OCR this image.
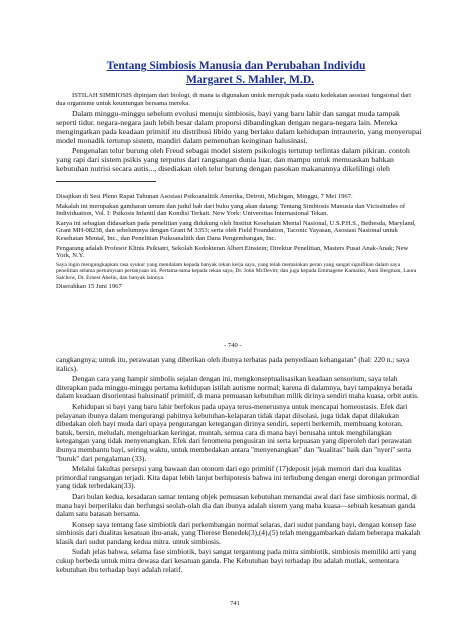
Tentang Simbiosis Manusia dan Perubahan Individu
Margaret S. Mahler, M.D.

ISTILAH SIMBIOSIS dipinjam dari biologi, di mana ia digunakan untuk merujuk pada suatu kedekatan asosiasi fungsional dari dua organisme untuk keuntungan bersama mereka.

Dalam minggu-minggu sebelum evolusi menuju simbiosis, bayi yang baru lahir dan sangat muda tampak seperti tidur. negara-negara jauh lebih besar dalam proporsi dibandingkan dengan negara-negara lain. Mereka mengingatkan pada keadaan primitif itu distribusi libido yang berlaku dalam kehidupan intrauterin, yang menyerupai model monadik tertutup sistem, mandiri dalam pemenuhan keinginan halusinasi.

Pengenalan telur burung oleh Freud sebagai model sistem psikologis tertutup terlintas dalam pikiran. contoh yang rapi dari sistem psikis yang terputus dari rangsangan dunia luar, dan mampu untuk memuaskan bahkan kebutuhan nutrisi secara autis..., disediakan oleh telur burung dengan pasokan makanannya dikelilingi oleh

Disajikan di Sesi Pleno Rapat Tahunan Asosiasi Psikoanalitik Amerika, Detroit, Michigan, Minggu, 7 Mei 1967.

Makalah ini merupakan gambaran umum dan judul bab dari buku yang akan datang: Tentang Simbiosis Manusia dan Vicissitudes of Individuation, Vol. I: Psikosis Infantil dan Kondisi Terkait. New York: Universitas Internasional Tekan.

Karya ini sebagian didasarkan pada penelitian yang didukung oleh Institut Kesehatan Mental Nasional, U.S.P.H.S., Bethesda, Maryland, Grant MH-08238, dan sebelumnya dengan Grant M 3353; serta oleh Field Foundation, Taconic Yayasan, Asosiasi Nasional untuk Kesehatan Mental, Inc., dan Penelitian Psikoanalitik dan Dana Pengembangan, Inc.

Pengarang adalah Profesor Klinis Psikiatri, Sekolah Kedokteran Albert Einstein; Direktur Penelitian, Masters Pusat Anak-Anak; New York, N.Y.

Saya ingin mengungkapkan rasa syukur yang mendalam kepada banyak rekan kerja saya, yang telah memainkan peran yang sangat signifikan dalam saya penelitian selama pertumyuan pertanyaan ini. Pertama-tama kepada rekan saya, Dr. John McDevitt; dan juga kepada Emmagene Kamaiko, Anni Bergman, Laura Salchow, Dr. Ernest Abelin, dan banyak lainnya.

Diserahkan 15 Juni 1967

- 740 -

cangkangnya; untuk itu, perawatan yang diberikan oleh ibunya terbatas pada penyediaan kehangatan" (hal: 220 n.; saya italics).

Dengan cara yang hampir simbolis sejalan dengan ini, mengkonseptualisasikan keadaan sensorium, saya telah diterapkan pada minggu-minggu pertama kehidupan istilah autisme normal; karena di dalamnya, bayi tampaknya berada dalam keadaan disorientasi halusinatif primitif, di mana pemuasan kebutuhan milik dirinya sendiri maha kuasa, orbit autis.

Kehidupan si bayi yang baru lahir berfokus pada upaya terus-menerusnya untuk mencapai homeostasis. Efek dari pelayanan ibunya dalam mengurangi pahitnya kebutuhan-kelaparan tidak dapat diisolasi, juga tidak dapat dilakukan dibedakan oleh bayi muda dari upaya pengurangan ketegangan dirinya sendiri, seperti berkemih, membuang kotoran, batuk, bersin, meludah, mengeluarkan keringat, muntah, semua cara di mana bayi berusaha untuk menghilangkan ketegangan yang tidak menyenangkan. Efek dari fenomena pengusiran ini serta kepuasan yang diperoleh dari perawatan ibunya membantu bayi, seiring waktu, untuk membedakan antara "menyenangkan" dan "kualitas" baik dan "nyeri" serta "buruk" dari pengalaman (33).

Melalui fakultas persepsi yang bawaan dan otonom dari ego primitif (17)deposit jejak memori dari dua kualitas primordial rangsangan terjadi. Kita dapat lebih lanjut berhipotesis bahwa ini terhubung dengan energi dorongan primordial yang tidak terbedakan(33).

Dari bulan kedua, kesadaran samar tentang objek pemuasan kebutuhan menandai awal dari fase simbiosis normal, di mana bayi berperilaku dan berfungsi seolah-olah dia dan ibunya adalah sistem yang maha kuasa—sebuah kesatuan ganda dalam satu batasan bersama.

Konsep saya tentang fase simbiotik dari perkembangan normal selaras, dari sudut pandang bayi, dengan konsep fase simbiosis dari dualitas kesatuan ibu-anak, yang Therese Benedek(3),(4),(5) telah menggambarkan dalam beberapa makalah klasik dari sudut pandang kedua mitra. untuk simbiosis.

Sudah jelas bahwa, selama fase simbiotik, bayi sangat tergantung pada mitra simbiotik, simbiosis memiliki arti yang cukup berbeda untuk mitra dewasa dari kesatuan ganda. Fhe Kebutuhan bayi terhadap ibu adalah mutlak, sementara kebutuhan ibu terhadap bayi adalah relatif.

741
